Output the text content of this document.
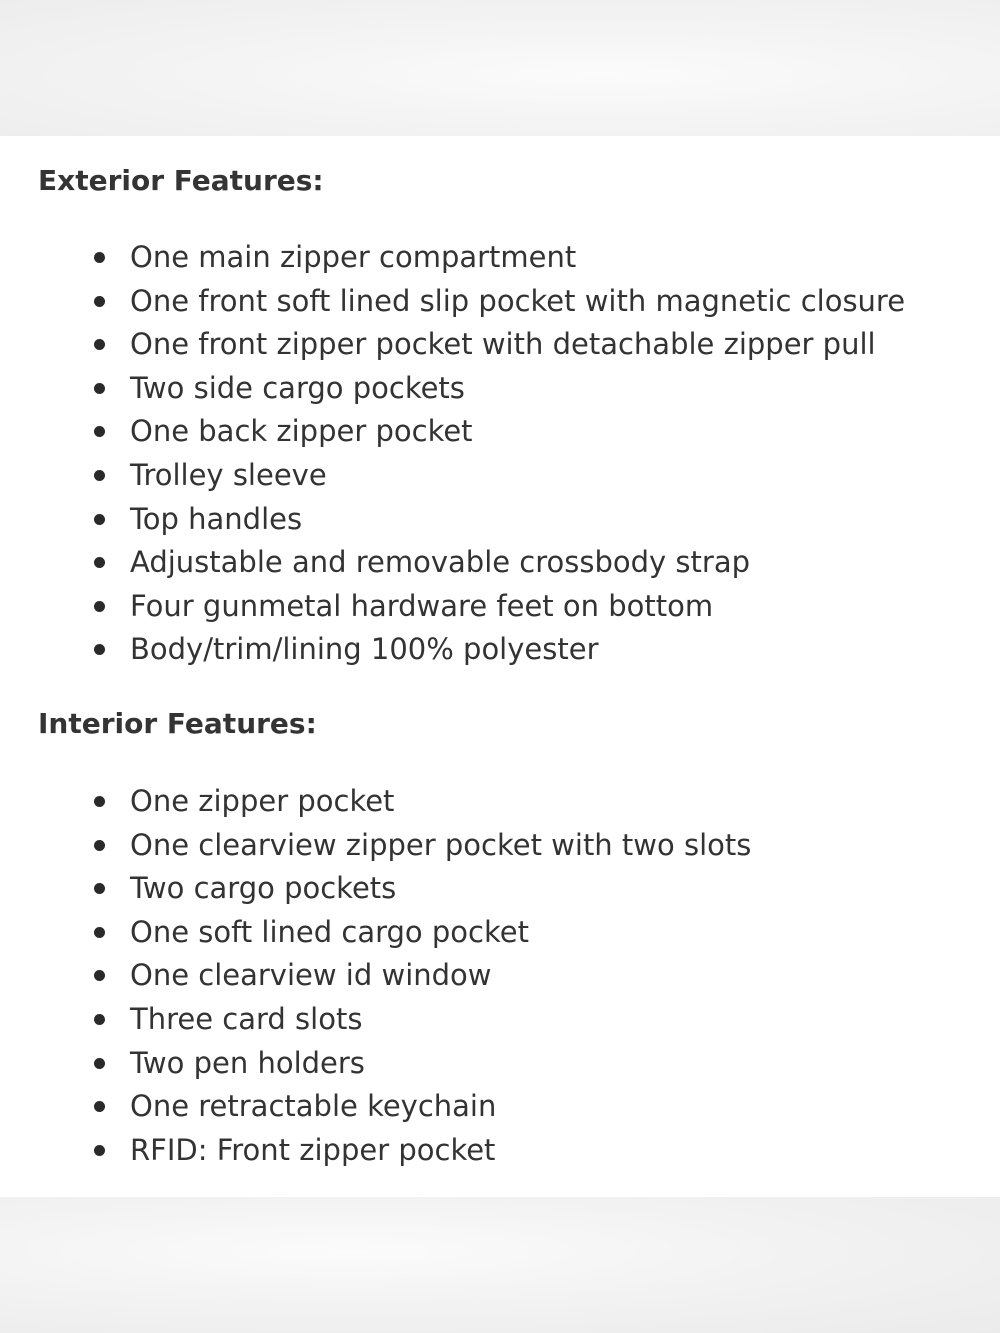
Exterior Features:
One main zipper compartment
One front soft lined slip pocket with magnetic closure
One front zipper pocket with detachable zipper pull
Two side cargo pockets
One back zipper pocket
Trolley sleeve
Top handles
Adjustable and removable crossbody strap
Four gunmetal hardware feet on bottom
Body/trim/lining 100% polyester
Interior Features:
One zipper pocket
One clearview zipper pocket with two slots
Two cargo pockets
One soft lined cargo pocket
One clearview id window
Three card slots
Two pen holders
One retractable keychain
RFID: Front zipper pocket
